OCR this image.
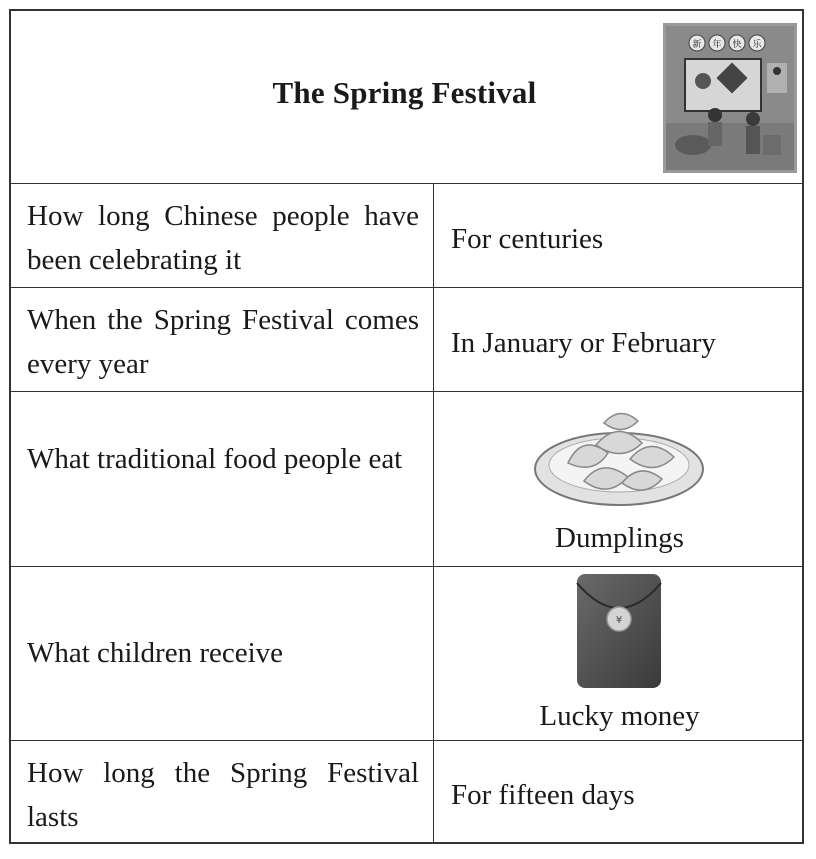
The Spring Festival
新 年 快 乐
How long Chinese people have been celebrating it
For centuries
When the Spring Festival comes every year
In January or February
What traditional food people eat
Dumplings
What children receive
¥
Lucky money
How long the Spring Festival lasts
For fifteen days
